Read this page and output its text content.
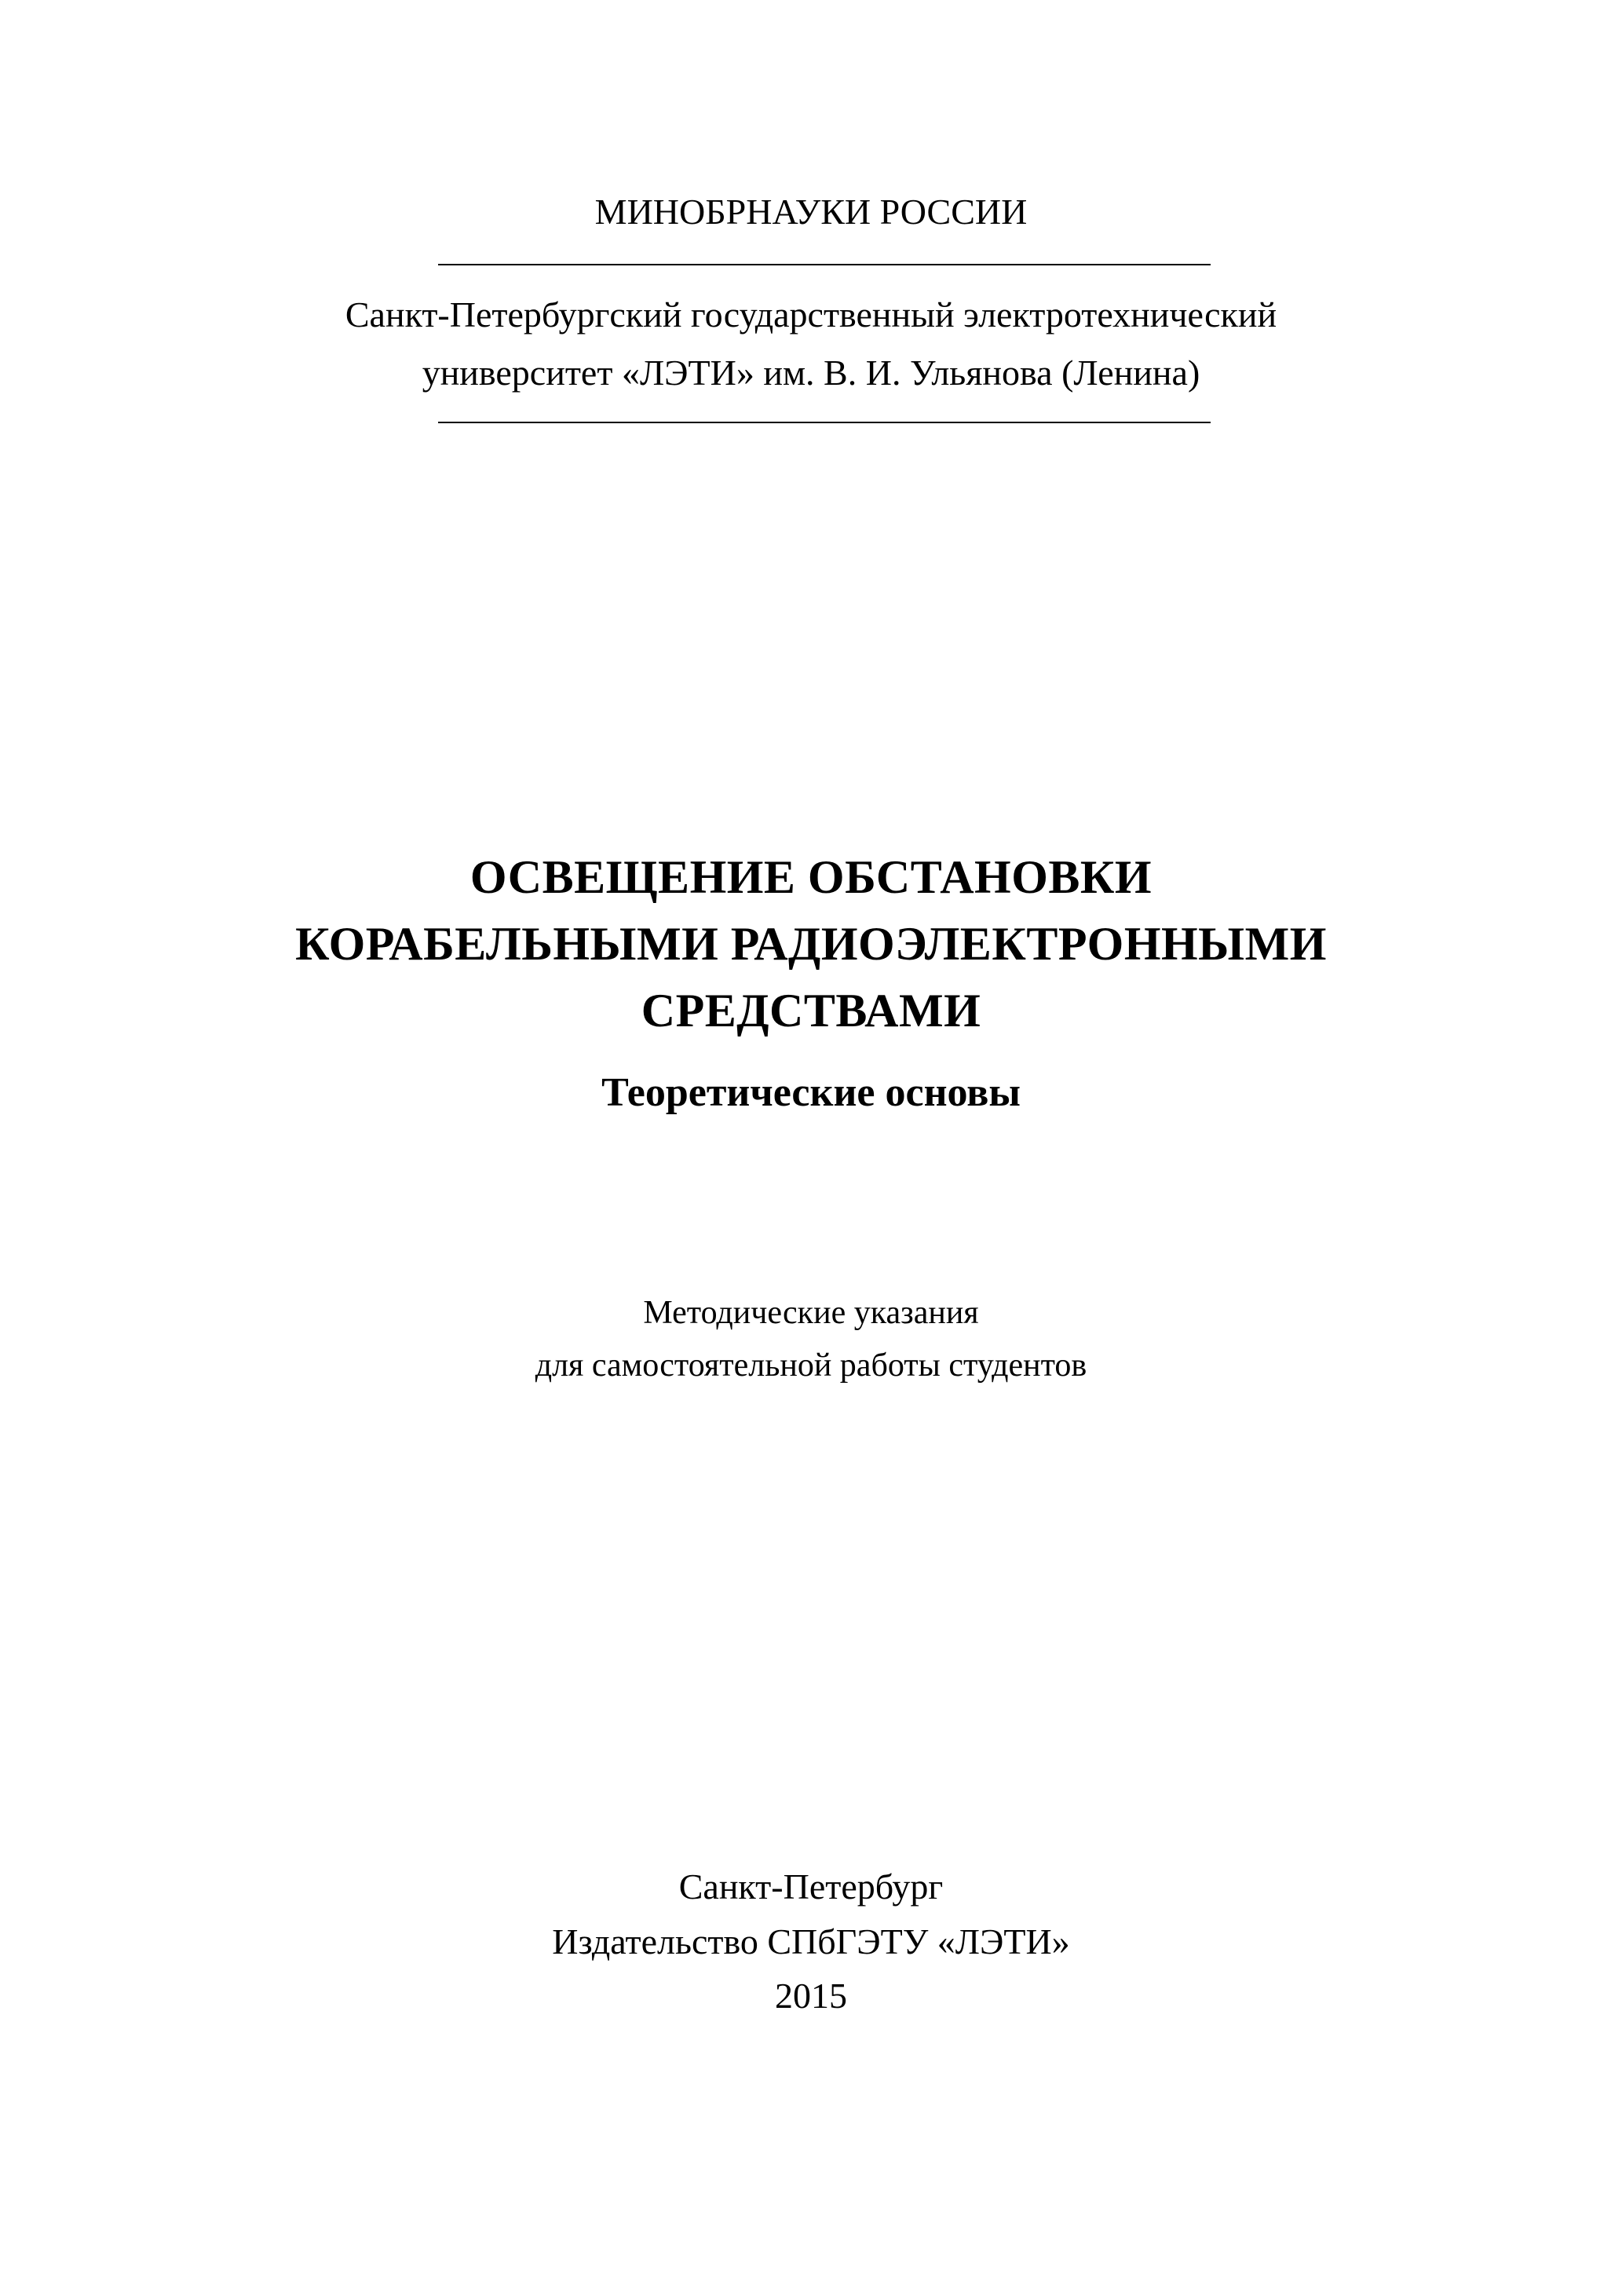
МИНОБРНАУКИ РОССИИ
Санкт-Петербургский государственный электротехнический
университет «ЛЭТИ» им. В. И. Ульянова (Ленина)
ОСВЕЩЕНИЕ ОБСТАНОВКИ
КОРАБЕЛЬНЫМИ РАДИОЭЛЕКТРОННЫМИ
СРЕДСТВАМИ
Теоретические основы
Методические указания
для самостоятельной работы студентов
Санкт-Петербург
Издательство СПбГЭТУ «ЛЭТИ»
2015
